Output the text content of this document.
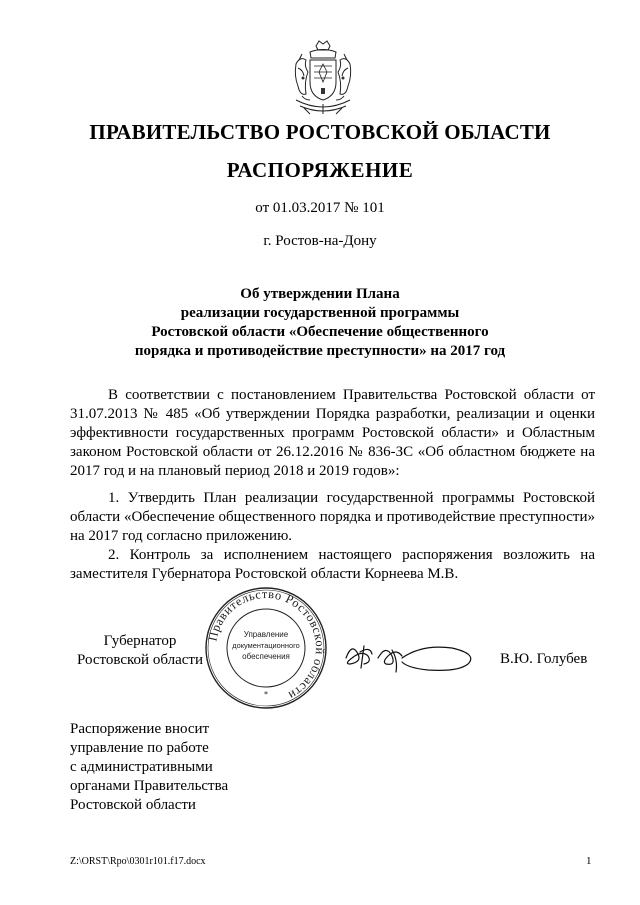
ПРАВИТЕЛЬСТВО РОСТОВСКОЙ ОБЛАСТИ
РАСПОРЯЖЕНИЕ
от 01.03.2017 № 101
г. Ростов-на-Дону
Об утверждении Плана
реализации государственной программы
Ростовской области «Обеспечение общественного
порядка и противодействие преступности» на 2017 год
В соответствии с постановлением Правительства Ростовской области от 31.07.2013 № 485 «Об утверждении Порядка разработки, реализации и оценки эффективности государственных программ Ростовской области» и Областным законом Ростовской области от 26.12.2016 № 836-ЗС «Об областном бюджете на 2017 год и на плановый период 2018 и 2019 годов»:
1. Утвердить План реализации государственной программы Ростовской области «Обеспечение общественного порядка и противодействие преступности» на 2017 год согласно приложению.
2. Контроль за исполнением настоящего распоряжения возложить на заместителя Губернатора Ростовской области Корнеева М.В.
Губернатор
Ростовской области
Правительство Ростовской области
Управление
документационного
обеспечения
*
В.Ю. Голубев
Распоряжение вносит
управление по работе
с административными
органами Правительства
Ростовской области
Z:\ORST\Rpo\0301r101.f17.docx	1
